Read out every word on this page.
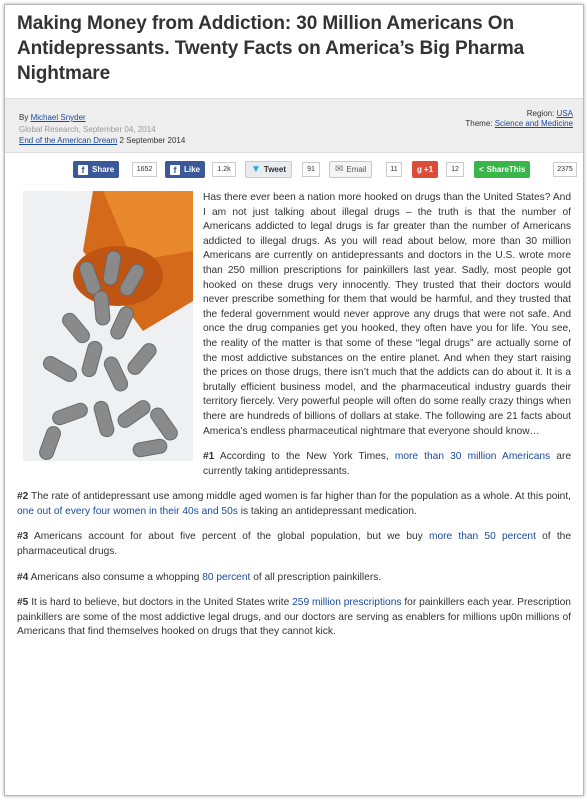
Making Money from Addiction: 30 Million Americans On Antidepressants. Twenty Facts on America’s Big Pharma Nightmare
By Michael Snyder
Global Research, September 04, 2014
End of the American Dream 2 September 2014
Region: USA
Theme: Science and Medicine
f Share	1652	f Like	1.2k	▼ Tweet	91	✉ Email	11	g +1	12	< ShareThis	2375

Has there ever been a nation more hooked on drugs than the United States? And I am not just talking about illegal drugs – the truth is that the number of Americans addicted to legal drugs is far greater than the number of Americans addicted to illegal drugs. As you will read about below, more than 30 million Americans are currently on antidepressants and doctors in the U.S. wrote more than 250 million prescriptions for painkillers last year. Sadly, most people got hooked on these drugs very innocently. They trusted that their doctors would never prescribe something for them that would be harmful, and they trusted that the federal government would never approve any drugs that were not safe. And once the drug companies get you hooked, they often have you for life. You see, the reality of the matter is that some of these “legal drugs” are actually some of the most addictive substances on the entire planet. And when they start raising the prices on those drugs, there isn’t much that the addicts can do about it. It is a brutally efficient business model, and the pharmaceutical industry guards their territory fiercely. Very powerful people will often do some really crazy things when there are hundreds of billions of dollars at stake. The following are 21 facts about America’s endless pharmaceutical nightmare that everyone should know…

#1 According to the New York Times, more than 30 million Americans are currently taking antidepressants.

#2 The rate of antidepressant use among middle aged women is far higher than for the population as a whole. At this point, one out of every four women in their 40s and 50s is taking an antidepressant medication.

#3 Americans account for about five percent of the global population, but we buy more than 50 percent of the pharmaceutical drugs.

#4 Americans also consume a whopping 80 percent of all prescription painkillers.

#5 It is hard to believe, but doctors in the United States write 259 million prescriptions for painkillers each year. Prescription painkillers are some of the most addictive legal drugs, and our doctors are serving as enablers for millions up0n millions of Americans that find themselves hooked on drugs that they cannot kick.
